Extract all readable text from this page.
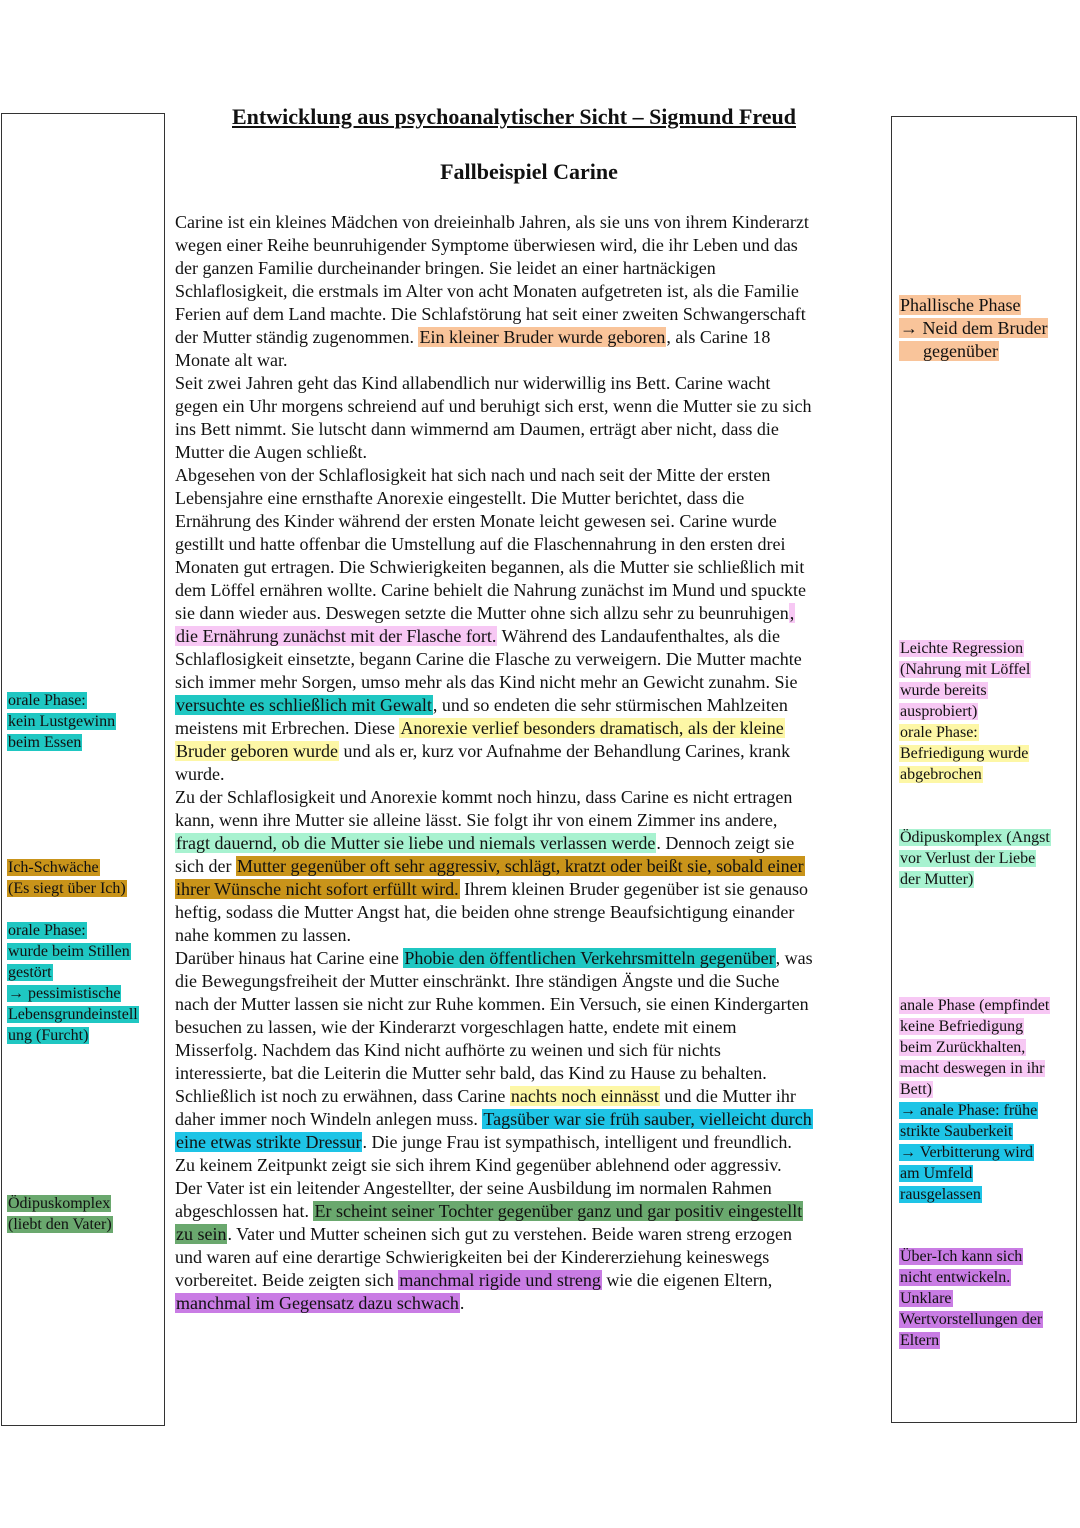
Entwicklung aus psychoanalytischer Sicht – Sigmund Freud
Fallbeispiel Carine
Carine ist ein kleines Mädchen von dreieinhalb Jahren, als sie uns von ihrem Kinderarzt
wegen einer Reihe beunruhigender Symptome überwiesen wird, die ihr Leben und das
der ganzen Familie durcheinander bringen. Sie leidet an einer hartnäckigen
Schlaflosigkeit, die erstmals im Alter von acht Monaten aufgetreten ist, als die Familie
Ferien auf dem Land machte. Die Schlafstörung hat seit einer zweiten Schwangerschaft
der Mutter ständig zugenommen. Ein kleiner Bruder wurde geboren, als Carine 18
Monate alt war.
Seit zwei Jahren geht das Kind allabendlich nur widerwillig ins Bett. Carine wacht
gegen ein Uhr morgens schreiend auf und beruhigt sich erst, wenn die Mutter sie zu sich
ins Bett nimmt. Sie lutscht dann wimmernd am Daumen, erträgt aber nicht, dass die
Mutter die Augen schließt.
Abgesehen von der Schlaflosigkeit hat sich nach und nach seit der Mitte der ersten
Lebensjahre eine ernsthafte Anorexie eingestellt. Die Mutter berichtet, dass die
Ernährung des Kinder während der ersten Monate leicht gewesen sei. Carine wurde
gestillt und hatte offenbar die Umstellung auf die Flaschennahrung in den ersten drei
Monaten gut ertragen. Die Schwierigkeiten begannen, als die Mutter sie schließlich mit
dem Löffel ernähren wollte. Carine behielt die Nahrung zunächst im Mund und spuckte
sie dann wieder aus. Deswegen setzte die Mutter ohne sich allzu sehr zu beunruhigen,
die Ernährung zunächst mit der Flasche fort. Während des Landaufenthaltes, als die
Schlaflosigkeit einsetzte, begann Carine die Flasche zu verweigern. Die Mutter machte
sich immer mehr Sorgen, umso mehr als das Kind nicht mehr an Gewicht zunahm. Sie
versuchte es schließlich mit Gewalt, und so endeten die sehr stürmischen Mahlzeiten
meistens mit Erbrechen. Diese Anorexie verlief besonders dramatisch, als der kleine
Bruder geboren wurde und als er, kurz vor Aufnahme der Behandlung Carines, krank
wurde.
Zu der Schlaflosigkeit und Anorexie kommt noch hinzu, dass Carine es nicht ertragen
kann, wenn ihre Mutter sie alleine lässt. Sie folgt ihr von einem Zimmer ins andere,
fragt dauernd, ob die Mutter sie liebe und niemals verlassen werde. Dennoch zeigt sie
sich der Mutter gegenüber oft sehr aggressiv, schlägt, kratzt oder beißt sie, sobald einer
ihrer Wünsche nicht sofort erfüllt wird. Ihrem kleinen Bruder gegenüber ist sie genauso
heftig, sodass die Mutter Angst hat, die beiden ohne strenge Beaufsichtigung einander
nahe kommen zu lassen.
Darüber hinaus hat Carine eine Phobie den öffentlichen Verkehrsmitteln gegenüber, was
die Bewegungsfreiheit der Mutter einschränkt. Ihre ständigen Ängste und die Suche
nach der Mutter lassen sie nicht zur Ruhe kommen. Ein Versuch, sie einen Kindergarten
besuchen zu lassen, wie der Kinderarzt vorgeschlagen hatte, endete mit einem
Misserfolg. Nachdem das Kind nicht aufhörte zu weinen und sich für nichts
interessierte, bat die Leiterin die Mutter sehr bald, das Kind zu Hause zu behalten.
Schließlich ist noch zu erwähnen, dass Carine nachts noch einnässt und die Mutter ihr
daher immer noch Windeln anlegen muss. Tagsüber war sie früh sauber, vielleicht durch
eine etwas strikte Dressur. Die junge Frau ist sympathisch, intelligent und freundlich.
Zu keinem Zeitpunkt zeigt sie sich ihrem Kind gegenüber ablehnend oder aggressiv.
Der Vater ist ein leitender Angestellter, der seine Ausbildung im normalen Rahmen
abgeschlossen hat. Er scheint seiner Tochter gegenüber ganz und gar positiv eingestellt
zu sein. Vater und Mutter scheinen sich gut zu verstehen. Beide waren streng erzogen
und waren auf eine derartige Schwierigkeiten bei der Kindererziehung keineswegs
vorbereitet. Beide zeigten sich manchmal rigide und streng wie die eigenen Eltern,
manchmal im Gegensatz dazu schwach.
orale Phase:
kein Lustgewinn
beim Essen
Ich-Schwäche
(Es siegt über Ich)
orale Phase:
wurde beim Stillen
gestört
→ pessimistische
Lebensgrundeinstell
ung (Furcht)
Ödipuskomplex
(liebt den Vater)
Phallische Phase
→ Neid dem Bruder
gegenüber
Leichte Regression
(Nahrung mit Löffel
wurde bereits
ausprobiert)
orale Phase:
Befriedigung wurde
abgebrochen
Ödipuskomplex (Angst
vor Verlust der Liebe
der Mutter)
anale Phase (empfindet
keine Befriedigung
beim Zurückhalten,
macht deswegen in ihr
Bett)
→ anale Phase: frühe
strikte Sauberkeit
→ Verbitterung wird
am Umfeld
rausgelassen
Über-Ich kann sich
nicht entwickeln.
Unklare
Wertvorstellungen der
Eltern
